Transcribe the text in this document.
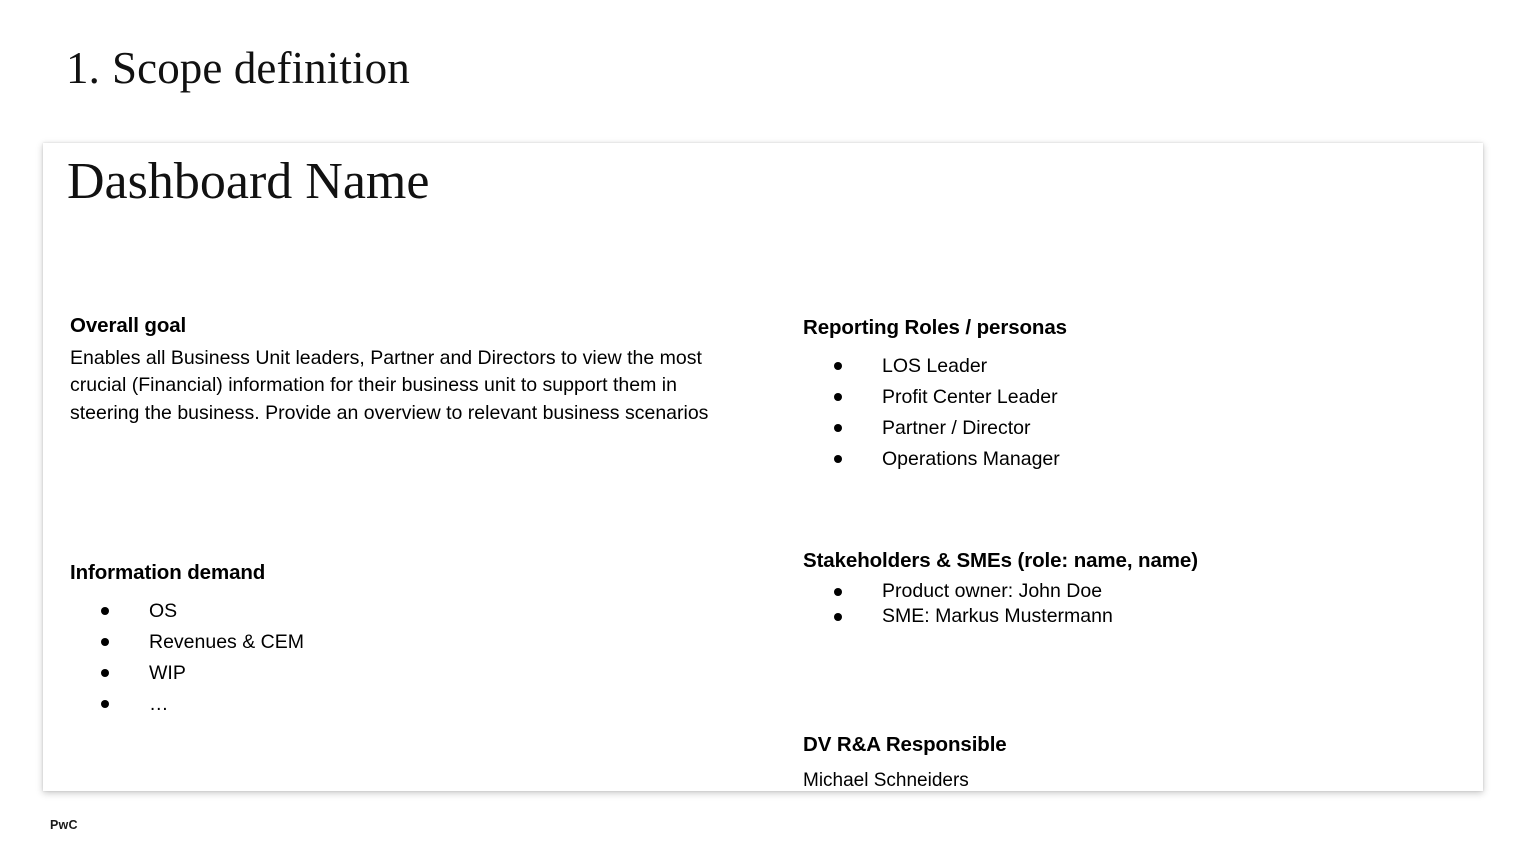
1. Scope definition
Dashboard Name
Overall goal

Enables all Business Unit leaders, Partner and Directors to view the most crucial (Financial) information for their business unit to support them in steering the business. Provide an overview to relevant business scenarios

Information demand
OS
Revenues & CEM
WIP
…
Reporting Roles / personas
LOS Leader
Profit Center Leader
Partner / Director
Operations Manager
Stakeholders & SMEs (role: name, name)
Product owner: John Doe
SME: Markus Mustermann
DV R&A Responsible

Michael Schneiders

PwC
